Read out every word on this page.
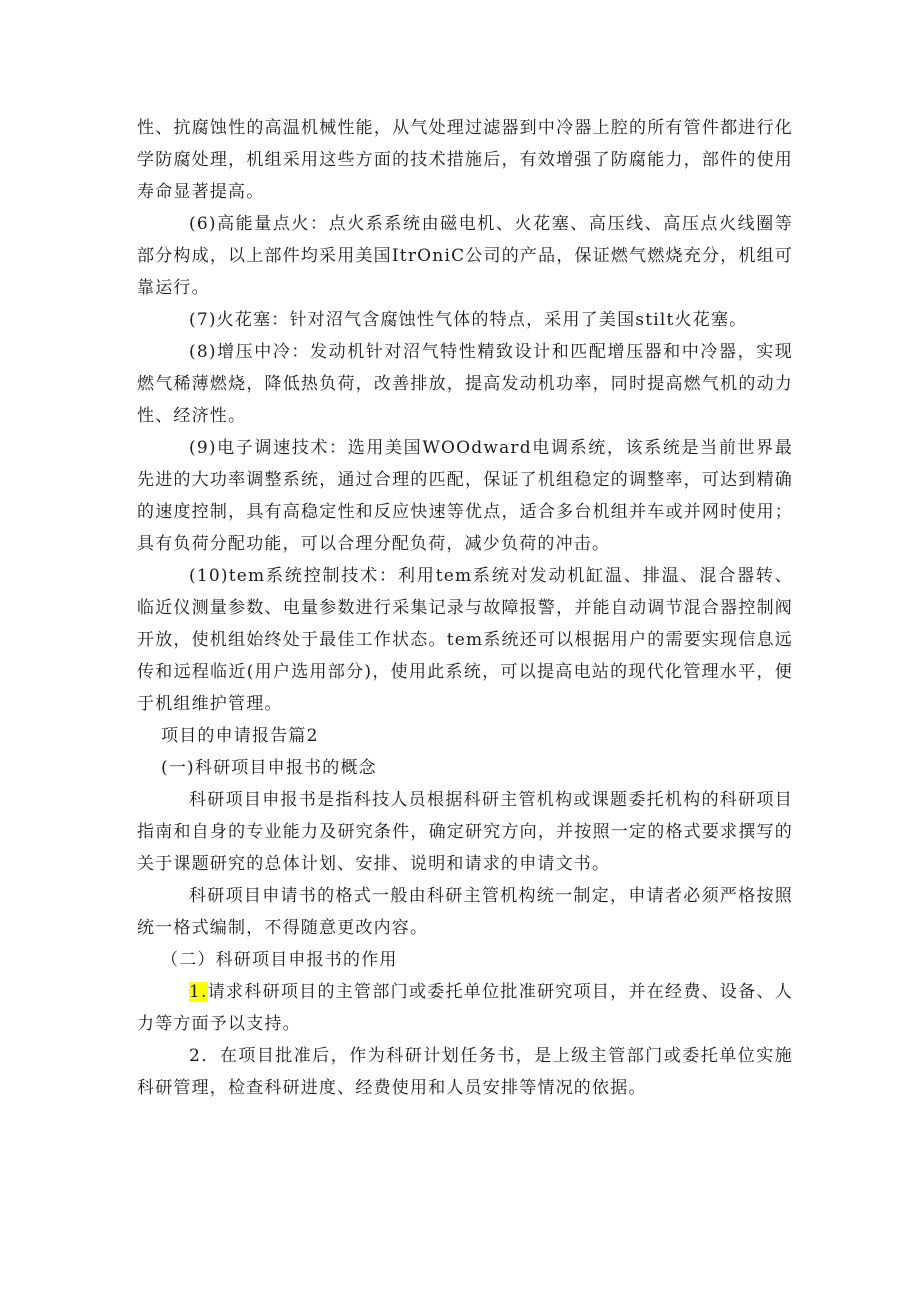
性、抗腐蚀性的高温机械性能，从气处理过滤器到中冷器上腔的所有管件都进行化学防腐处理，机组采用这些方面的技术措施后，有效增强了防腐能力，部件的使用寿命显著提高。

(6)高能量点火：点火系系统由磁电机、火花塞、高压线、高压点火线圈等部分构成，以上部件均采用美国ItrOniC公司的产品，保证燃气燃烧充分，机组可靠运行。

(7)火花塞：针对沼气含腐蚀性气体的特点，采用了美国stilt火花塞。

(8)增压中冷：发动机针对沼气特性精致设计和匹配增压器和中冷器，实现燃气稀薄燃烧，降低热负荷，改善排放，提高发动机功率，同时提高燃气机的动力性、经济性。

(9)电子调速技术：选用美国WOOdward电调系统，该系统是当前世界最先进的大功率调整系统，通过合理的匹配，保证了机组稳定的调整率，可达到精确的速度控制，具有高稳定性和反应快速等优点，适合多台机组并车或并网时使用；具有负荷分配功能，可以合理分配负荷，减少负荷的冲击。

(10)tem系统控制技术：利用tem系统对发动机缸温、排温、混合器转、临近仪测量参数、电量参数进行采集记录与故障报警，并能自动调节混合器控制阀开放，使机组始终处于最佳工作状态。tem系统还可以根据用户的需要实现信息远传和远程临近(用户选用部分)，使用此系统，可以提高电站的现代化管理水平，便于机组维护管理。

项目的申请报告篇2

(一)科研项目申报书的概念

科研项目申报书是指科技人员根据科研主管机构或课题委托机构的科研项目指南和自身的专业能力及研究条件，确定研究方向，并按照一定的格式要求撰写的关于课题研究的总体计划、安排、说明和请求的申请文书。

科研项目申请书的格式一般由科研主管机构统一制定，申请者必须严格按照统一格式编制，不得随意更改内容。

（二）科研项目申报书的作用

1.请求科研项目的主管部门或委托单位批准研究项目，并在经费、设备、人力等方面予以支持。

2．在项目批准后，作为科研计划任务书，是上级主管部门或委托单位实施科研管理，检查科研进度、经费使用和人员安排等情况的依据。
